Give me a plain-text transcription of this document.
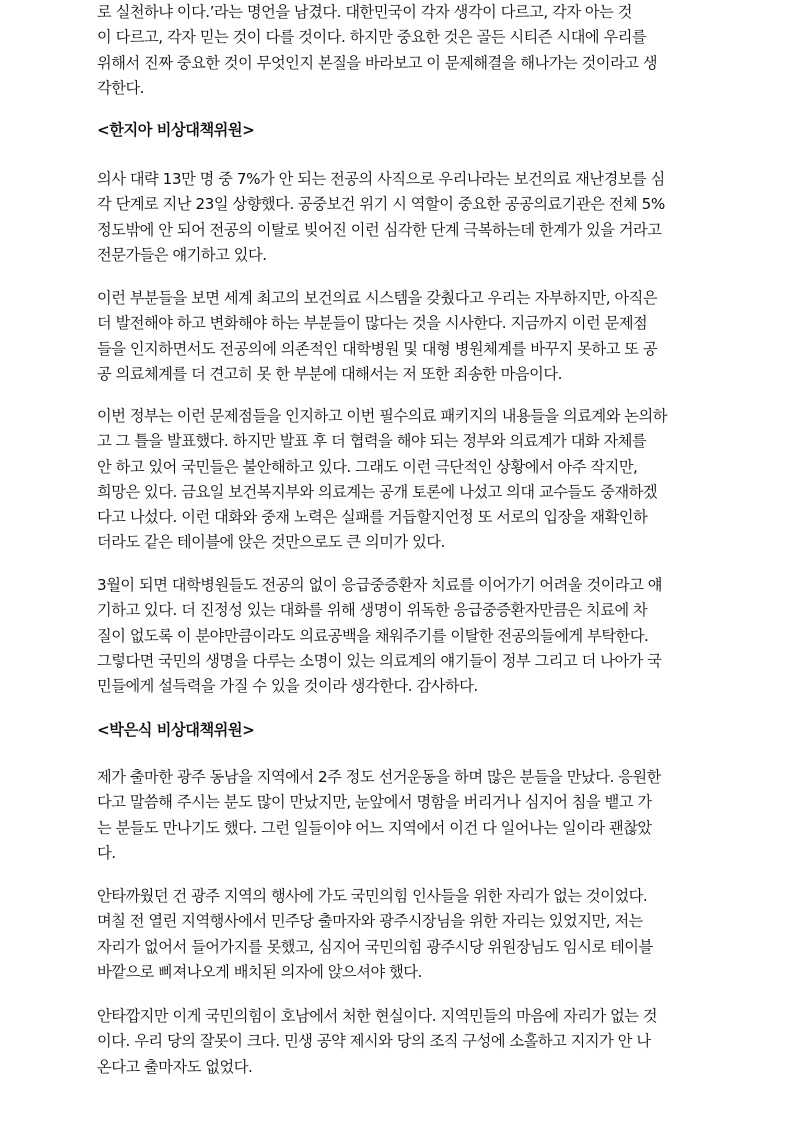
로 실천하냐 이다.’라는 명언을 남겼다. 대한민국이 각자 생각이 다르고, 각자 아는 것
이 다르고, 각자 믿는 것이 다를 것이다. 하지만 중요한 것은 골든 시티즌 시대에 우리를
위해서 진짜 중요한 것이 무엇인지 본질을 바라보고 이 문제해결을 해나가는 것이라고 생
각한다.

<한지아 비상대책위원>

의사 대략 13만 명 중 7%가 안 되는 전공의 사직으로 우리나라는 보건의료 재난경보를 심
각 단계로 지난 23일 상향했다. 공중보건 위기 시 역할이 중요한 공공의료기관은 전체 5%
정도밖에 안 되어 전공의 이탈로 빚어진 이런 심각한 단계 극복하는데 한계가 있을 거라고
전문가들은 얘기하고 있다.

이런 부분들을 보면 세계 최고의 보건의료 시스템을 갖췄다고 우리는 자부하지만, 아직은
더 발전해야 하고 변화해야 하는 부분들이 많다는 것을 시사한다. 지금까지 이런 문제점
들을 인지하면서도 전공의에 의존적인 대학병원 및 대형 병원체계를 바꾸지 못하고 또 공
공 의료체계를 더 견고히 못 한 부분에 대해서는 저 또한 죄송한 마음이다.

이번 정부는 이런 문제점들을 인지하고 이번 필수의료 패키지의 내용들을 의료계와 논의하
고 그 틀을 발표했다. 하지만 발표 후 더 협력을 해야 되는 정부와 의료계가 대화 자체를
안 하고 있어 국민들은 불안해하고 있다. 그래도 이런 극단적인 상황에서 아주 작지만,
희망은 있다. 금요일 보건복지부와 의료계는 공개 토론에 나섰고 의대 교수들도 중재하겠
다고 나섰다. 이런 대화와 중재 노력은 실패를 거듭할지언정 또 서로의 입장을 재확인하
더라도 같은 테이블에 앉은 것만으로도 큰 의미가 있다.

3월이 되면 대학병원들도 전공의 없이 응급중증환자 치료를 이어가기 어려울 것이라고 얘
기하고 있다. 더 진정성 있는 대화를 위해 생명이 위독한 응급중증환자만큼은 치료에 차
질이 없도록 이 분야만큼이라도 의료공백을 채워주기를 이탈한 전공의들에게 부탁한다.
그렇다면 국민의 생명을 다루는 소명이 있는 의료계의 얘기들이 정부 그리고 더 나아가 국
민들에게 설득력을 가질 수 있을 것이라 생각한다. 감사하다.

<박은식 비상대책위원>

제가 출마한 광주 동남을 지역에서 2주 정도 선거운동을 하며 많은 분들을 만났다. 응원한
다고 말씀해 주시는 분도 많이 만났지만, 눈앞에서 명함을 버리거나 심지어 침을 뱉고 가
는 분들도 만나기도 했다. 그런 일들이야 어느 지역에서 이건 다 일어나는 일이라 괜찮았
다.

안타까웠던 건 광주 지역의 행사에 가도 국민의힘 인사들을 위한 자리가 없는 것이었다.
며칠 전 열린 지역행사에서 민주당 출마자와 광주시장님을 위한 자리는 있었지만, 저는
자리가 없어서 들어가지를 못했고, 심지어 국민의힘 광주시당 위원장님도 임시로 테이블
바깥으로 삐져나오게 배치된 의자에 앉으셔야 했다.

안타깝지만 이게 국민의힘이 호남에서 처한 현실이다. 지역민들의 마음에 자리가 없는 것
이다. 우리 당의 잘못이 크다. 민생 공약 제시와 당의 조직 구성에 소홀하고 지지가 안 나
온다고 출마자도 없었다.
